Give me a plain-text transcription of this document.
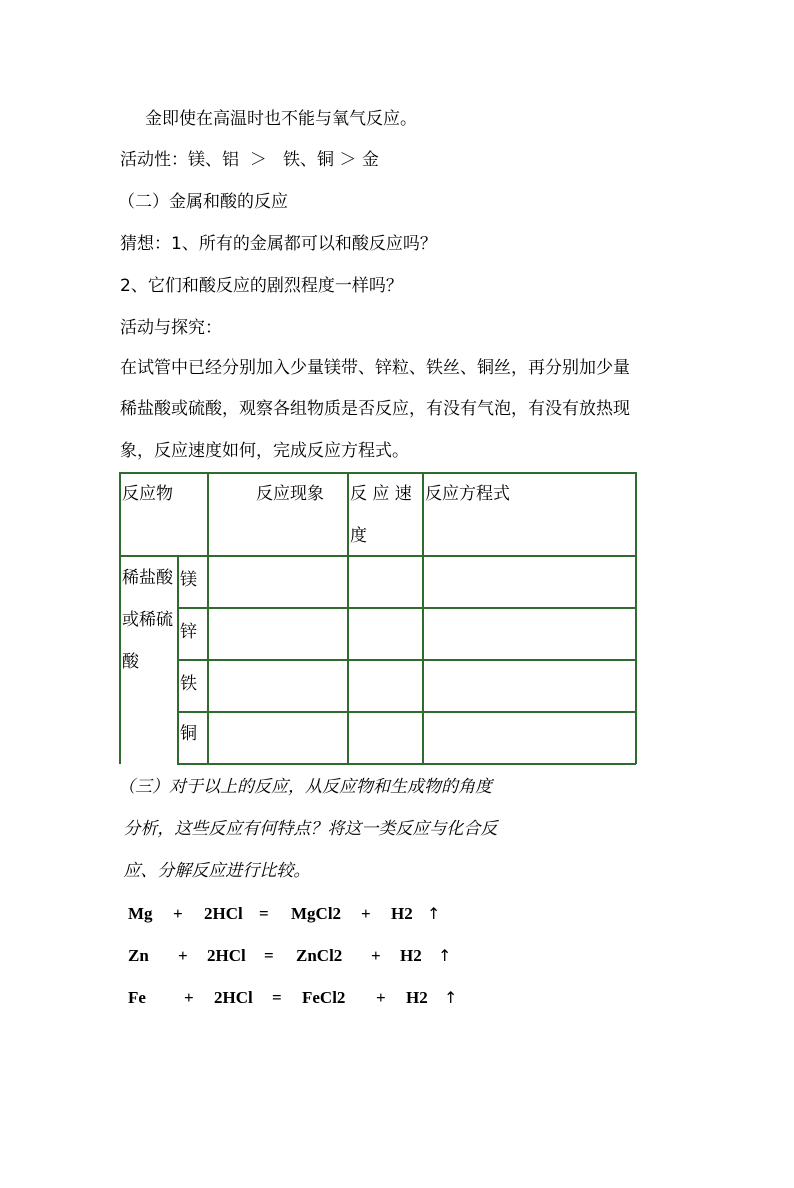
金即使在高温时也不能与氧气反应。
活动性：镁、铝  ＞   铁、铜 ＞ 金
（二）金属和酸的反应
猜想：1、所有的金属都可以和酸反应吗？
2、它们和酸反应的剧烈程度一样吗？
活动与探究：
在试管中已经分别加入少量镁带、锌粒、铁丝、铜丝，再分别加少量
稀盐酸或硫酸，观察各组物质是否反应，有没有气泡，有没有放热现
象，反应速度如何，完成反应方程式。
反应物	反应现象 反 应 速
度
反应方程式
稀盐酸
或稀硫
酸
镁
锌
铁
铜
（三）对于以上的反应，从反应物和生成物的角度
分析，这些反应有何特点？将这一类反应与化合反
应、分解反应进行比较。

Mg

+

2HCl

=

MgCl2

+

H2

↑

Zn

+

2HCl

=

ZnCl2

+

H2

↑

Fe

+

2HCl

=

FeCl2

+

H2

↑
